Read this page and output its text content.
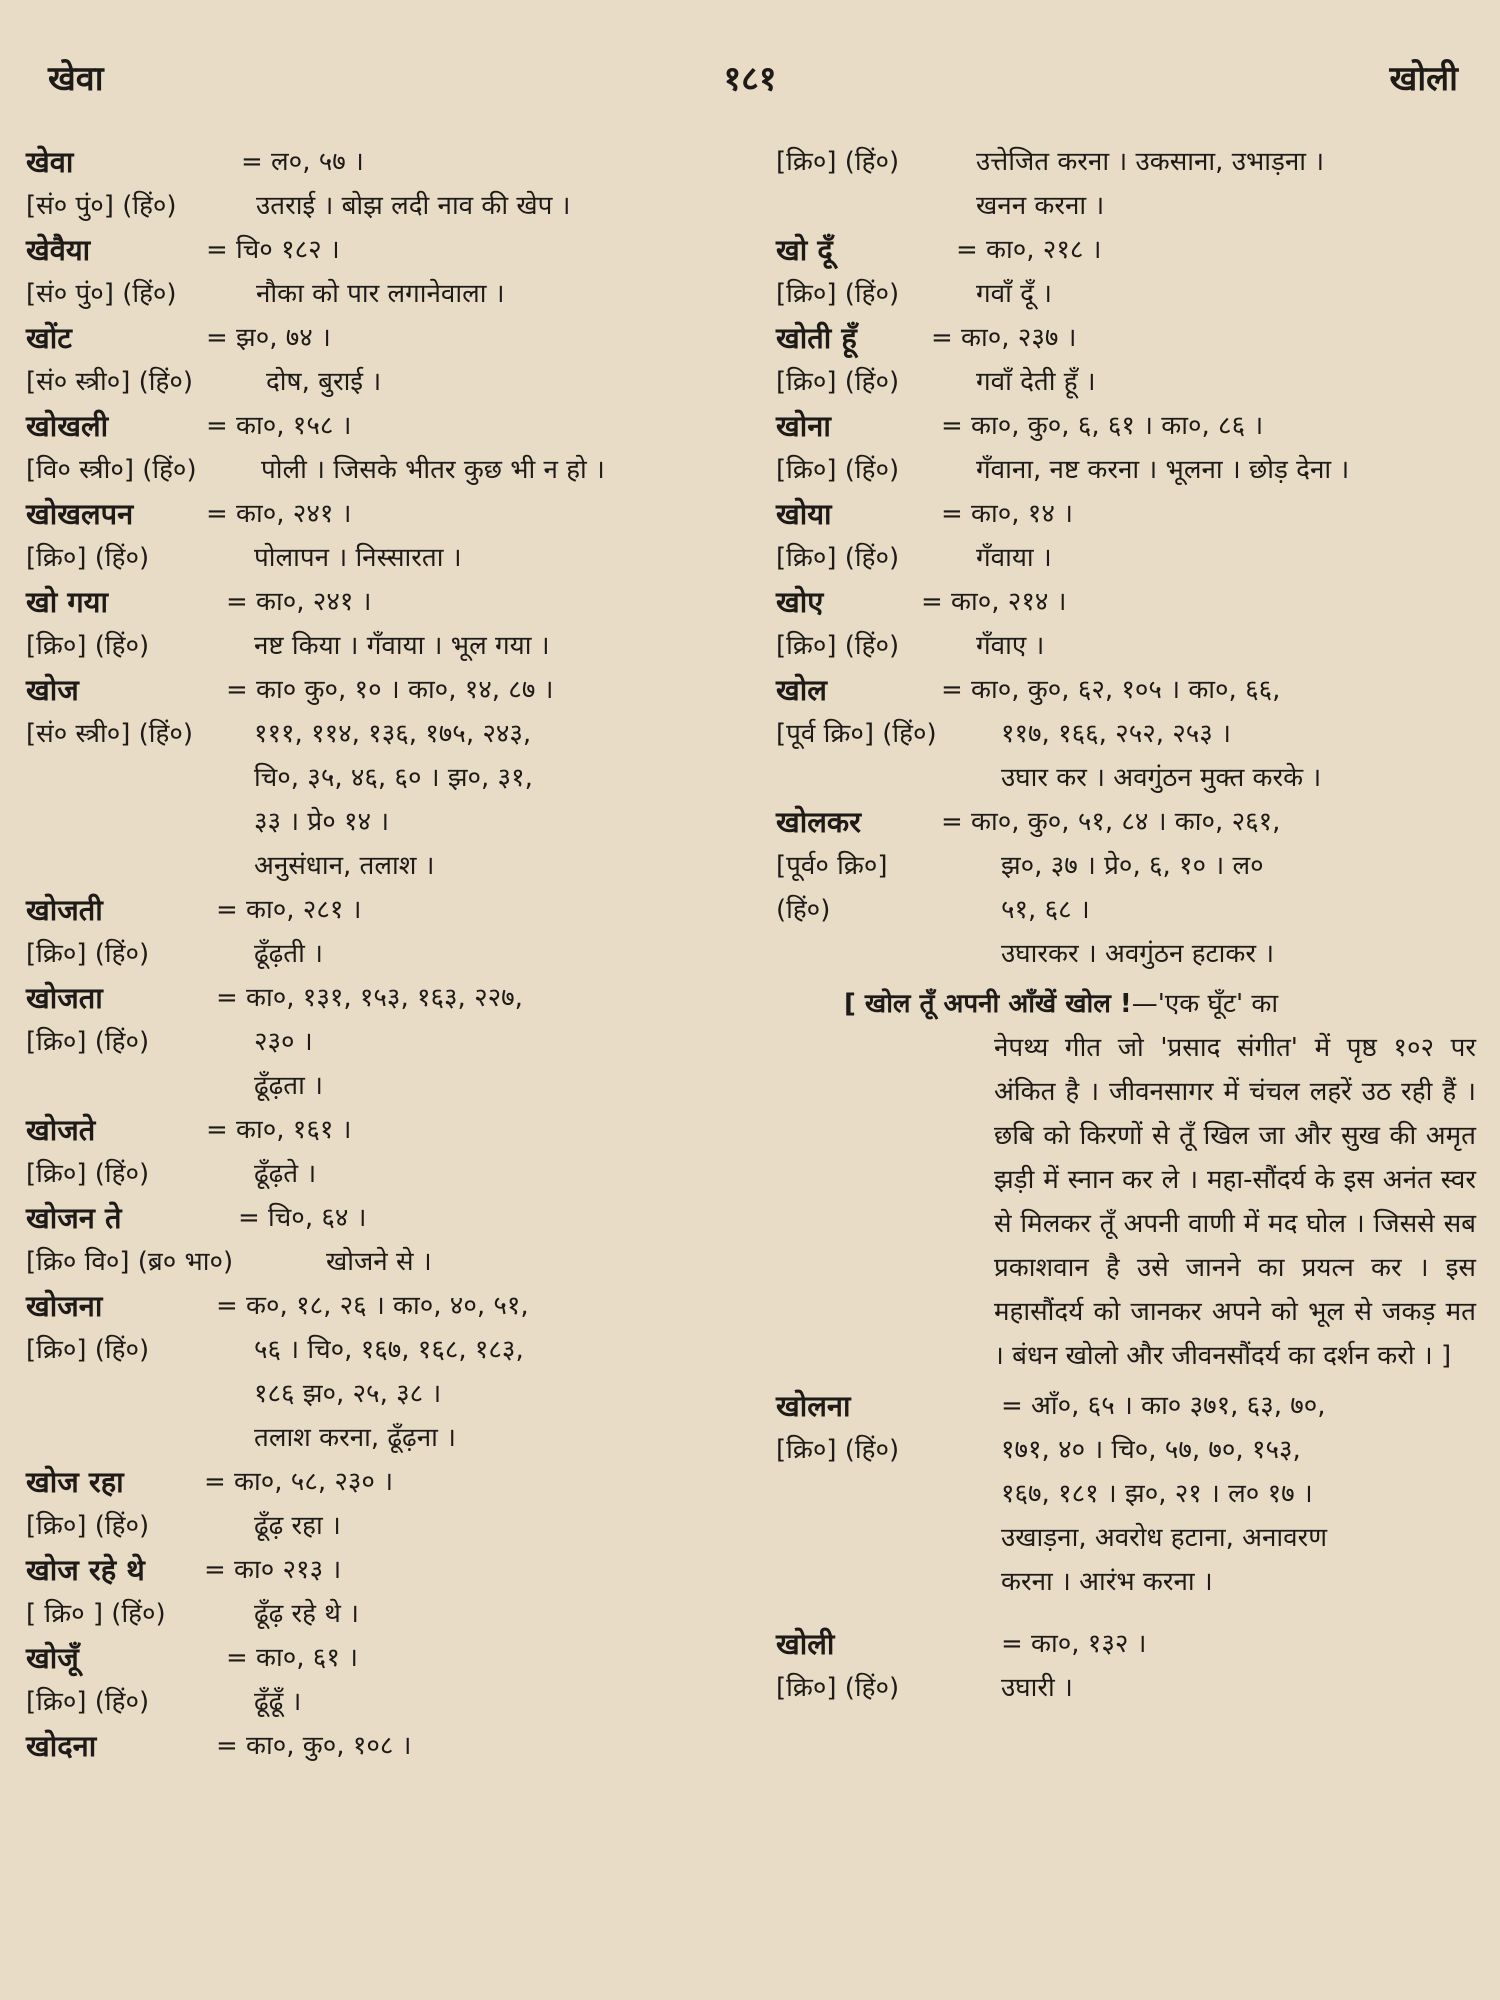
खेवा	१८१	खोली
खेवा	= ल०, ५७ ।
[सं० पुं०] (हिं०)	उतराई । बोझ लदी नाव की खेप ।
खेवैया	= चि० १८२ ।
[सं० पुं०] (हिं०)	नौका को पार लगानेवाला ।
खोंट	= झ०, ७४ ।
[सं० स्त्री०] (हिं०)	दोष, बुराई ।
खोखली	= का०, १५८ ।
[वि० स्त्री०] (हिं०)	पोली । जिसके भीतर कुछ भी न हो ।
खोखलपन	= का०, २४१ ।
[क्रि०] (हिं०)	पोलापन । निस्सारता ।
खो गया	= का०, २४१ ।
[क्रि०] (हिं०)	नष्ट किया । गँवाया । भूल गया ।
खोज	= का० कु०, १० । का०, १४, ८७ ।
[सं० स्त्री०] (हिं०)	१११, ११४, १३६, १७५, २४३,
चि०, ३५, ४६, ६० । झ०, ३१,
३३ । प्रे० १४ ।
अनुसंधान, तलाश ।
खोजती	= का०, २८१ ।
[क्रि०] (हिं०)	ढूँढ़ती ।
खोजता	= का०, १३१, १५३, १६३, २२७,
[क्रि०] (हिं०)	२३० ।
ढूँढ़ता ।
खोजते	= का०, १६१ ।
[क्रि०] (हिं०)	ढूँढ़ते ।
खोजन ते	= चि०, ६४ ।
[क्रि० वि०] (ब्र० भा०)	खोजने से ।
खोजना	= क०, १८, २६ । का०, ४०, ५१,
[क्रि०] (हिं०)	५६ । चि०, १६७, १६८, १८३,
१८६ झ०, २५, ३८ ।
तलाश करना, ढूँढ़ना ।
खोज रहा	= का०, ५८, २३० ।
[क्रि०] (हिं०)	ढूँढ़ रहा ।
खोज रहे थे	= का० २१३ ।
[ क्रि० ] (हिं०)	ढूँढ़ रहे थे ।
खोजूँ	= का०, ६१ ।
[क्रि०] (हिं०)	ढूँढूँ ।
खोदना	= का०, कु०, १०८ ।
[क्रि०] (हिं०)	उत्तेजित करना । उकसाना, उभाड़ना ।
खनन करना ।
खो दूँ	= का०, २१८ ।
[क्रि०] (हिं०)	गवाँ दूँ ।
खोती हूँ	= का०, २३७ ।
[क्रि०] (हिं०)	गवाँ देती हूँ ।
खोना	= का०, कु०, ६, ६१ । का०, ८६ ।
[क्रि०] (हिं०)	गँवाना, नष्ट करना । भूलना । छोड़ देना ।
खोया	= का०, १४ ।
[क्रि०] (हिं०)	गँवाया ।
खोए	= का०, २१४ ।
[क्रि०] (हिं०)	गँवाए ।
खोल	= का०, कु०, ६२, १०५ । का०, ६६,
[पूर्व क्रि०] (हिं०)	११७, १६६, २५२, २५३ ।
उघार कर । अवगुंठन मुक्त करके ।
खोलकर	= का०, कु०, ५१, ८४ । का०, २६१,
[पूर्व० क्रि०]	झ०, ३७ । प्रे०, ६, १० । ल०
(हिं०)	५१, ६८ ।
उघारकर । अवगुंठन हटाकर ।
[ खोल तूँ अपनी आँखें खोल !—'एक घूँट' का
नेपथ्य गीत जो 'प्रसाद संगीत' में पृष्ठ १०२ पर अंकित है । जीवनसागर में चंचल लहरें उठ रही हैं । छबि को किरणों से तूँ खिल जा और सुख की अमृत झड़ी में स्नान कर ले । महा-सौंदर्य के इस अनंत स्वर से मिलकर तूँ अपनी वाणी में मद घोल । जिससे सब प्रकाशवान है उसे जानने का प्रयत्न कर । इस महासौंदर्य को जानकर अपने को भूल से जकड़ मत । बंधन खोलो और जीवनसौंदर्य का दर्शन करो । ]
खोलना	= आँ०, ६५ । का० ३७१, ६३, ७०,
[क्रि०] (हिं०)	१७१, ४० । चि०, ५७, ७०, १५३,
१६७, १८१ । झ०, २१ । ल० १७ ।
उखाड़ना, अवरोध हटाना, अनावरण
करना । आरंभ करना ।
खोली	= का०, १३२ ।
[क्रि०] (हिं०)	उघारी ।
